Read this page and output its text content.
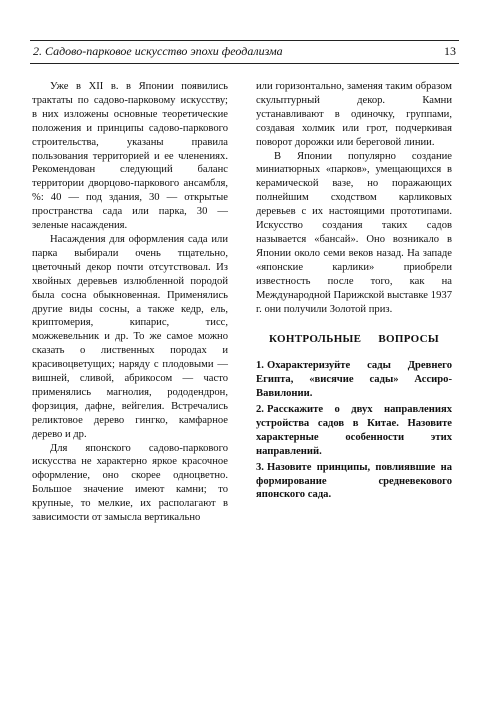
2. Садово-парковое искусство эпохи феодализма	13

Уже в XII в. в Японии появились трактаты по садово-парковому искусству; в них изложены основные теоретические положения и принципы садово-паркового строительства, указаны правила пользования территорией и ее членениях. Рекомендован следующий баланс территории дворцово-паркового ансамбля, %: 40 — под здания, 30 — открытые пространства сада или парка, 30 — зеленые насаждения.

Насаждения для оформления сада или парка выбирали очень тщательно, цветочный декор почти отсутствовал. Из хвойных деревьев излюбленной породой была сосна обыкновенная. Применялись другие виды сосны, а также кедр, ель, криптомерия, кипарис, тисс, можжевельник и др. То же самое можно сказать о лиственных породах и красивоцветущих; наряду с плодовыми — вишней, сливой, абрикосом — часто применялись магнолия, рододендрон, форзиция, дафне, вейгелия. Встречались реликтовое дерево гингко, камфарное дерево и др.

Для японского садово-паркового искусства не характерно яркое красочное оформление, оно скорее одноцветно. Большое значение имеют камни; то крупные, то мелкие, их располагают в зависимости от замысла вертикально

или горизонтально, заменяя таким образом скульптурный декор. Камни устанавливают в одиночку, группами, создавая холмик или грот, подчеркивая поворот дорожки или береговой линии.

В Японии популярно создание миниатюрных «парков», умещающихся в керамической вазе, но поражающих полнейшим сходством карликовых деревьев с их настоящими прототипами. Искусство создания таких садов называется «бансай». Оно возникало в Японии около семи веков назад. На западе «японские карлики» приобрели известность после того, как на Международной Парижской выставке 1937 г. они получили Золотой приз.

КОНТРОЛЬНЫЕ ВОПРОСЫ
1. Охарактеризуйте сады Древнего Египта, «висячие сады» Ассиро-Вавилонии.
2. Расскажите о двух направлениях устройства садов в Китае. Назовите характерные особенности этих направлений.
3. Назовите принципы, повлиявшие на формирование средневекового японского сада.
